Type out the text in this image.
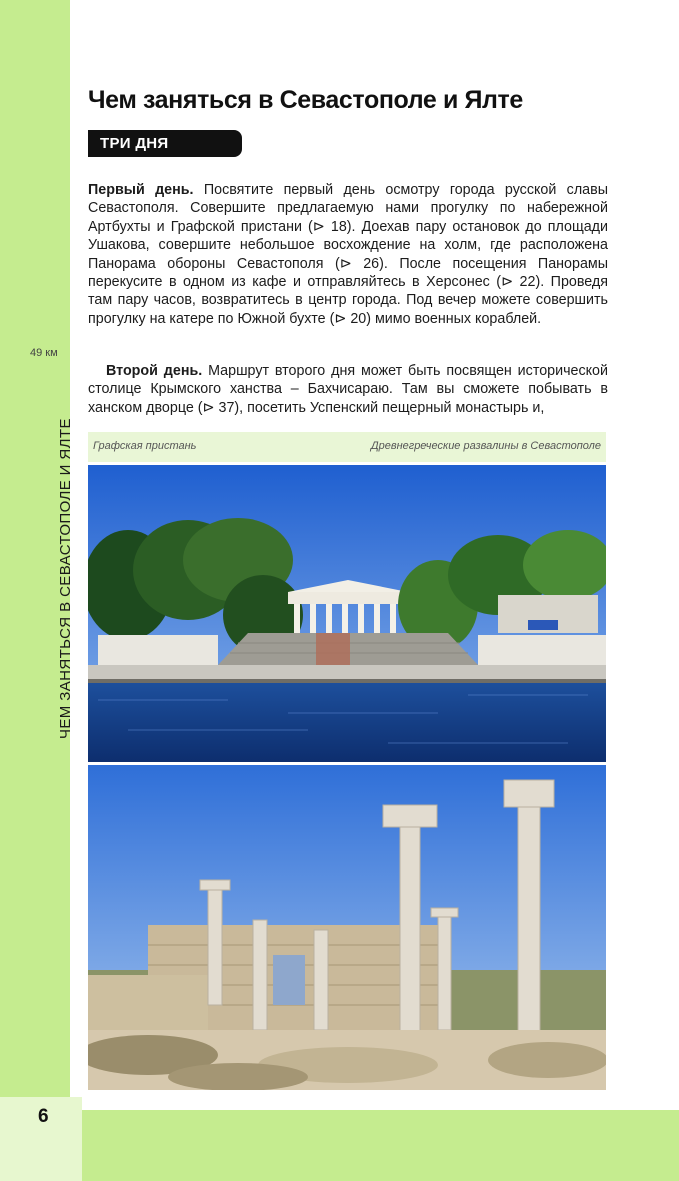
6
49 км
ЧЕМ ЗАНЯТЬСЯ В СЕВАСТОПОЛЕ И ЯЛТЕ
Чем заняться в Севастополе и Ялте
ТРИ ДНЯ

Первый день. Посвятите первый день осмотру города русской славы Севастополя. Совершите предлагаемую нами прогулку по набережной Артбухты и Графской пристани (⊳ 18). Доехав пару остановок до площади Ушакова, совершите небольшое восхождение на холм, где расположена Панорама обороны Севастополя (⊳ 26). После посещения Панорамы перекусите в одном из кафе и отправляйтесь в Херсонес (⊳ 22). Проведя там пару часов, возвратитесь в центр города. Под вечер можете совершить прогулку на катере по Южной бухте (⊳ 20) мимо военных кораблей.

Второй день. Маршрут второго дня может быть посвящен исторической столице Крымского ханства – Бахчисараю. Там вы сможете побывать в ханском дворце (⊳ 37), посетить Успенский пещерный монастырь и,

Графская пристань	Древнегреческие развалины в Севастополе
